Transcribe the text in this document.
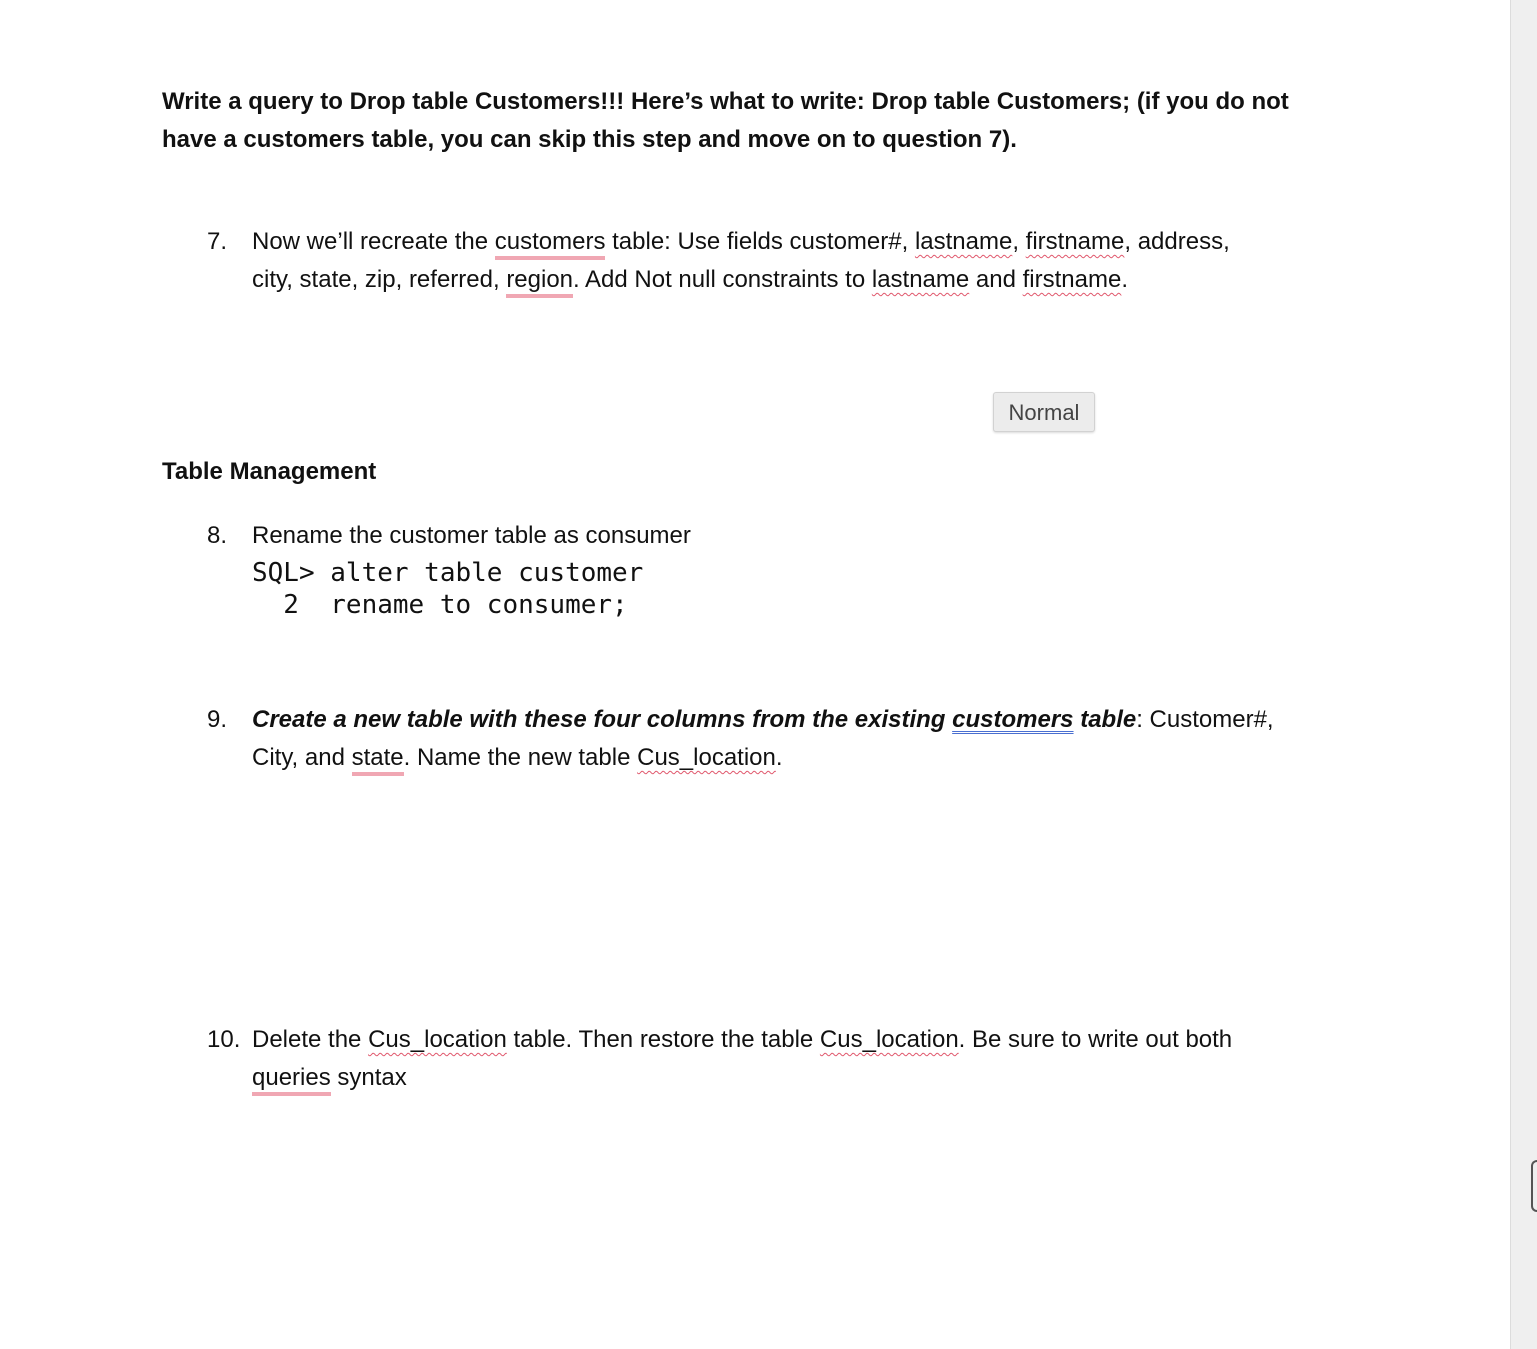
Write a query to Drop table Customers!!! Here’s what to write: Drop table Customers; (if you do not
have a customers table, you can skip this step and move on to question 7).
7. Now we’ll recreate the customers table: Use fields customer#, lastname, firstname, address,
city, state, zip, referred, region. Add Not null constraints to lastname and firstname.
Normal
Table Management
8. Rename the customer table as consumer
SQL> alter table customer
2  rename to consumer;
9. Create a new table with these four columns from the existing customers table: Customer#,
City, and state. Name the new table Cus_location.
10. Delete the Cus_location table. Then restore the table Cus_location. Be sure to write out both
queries syntax
